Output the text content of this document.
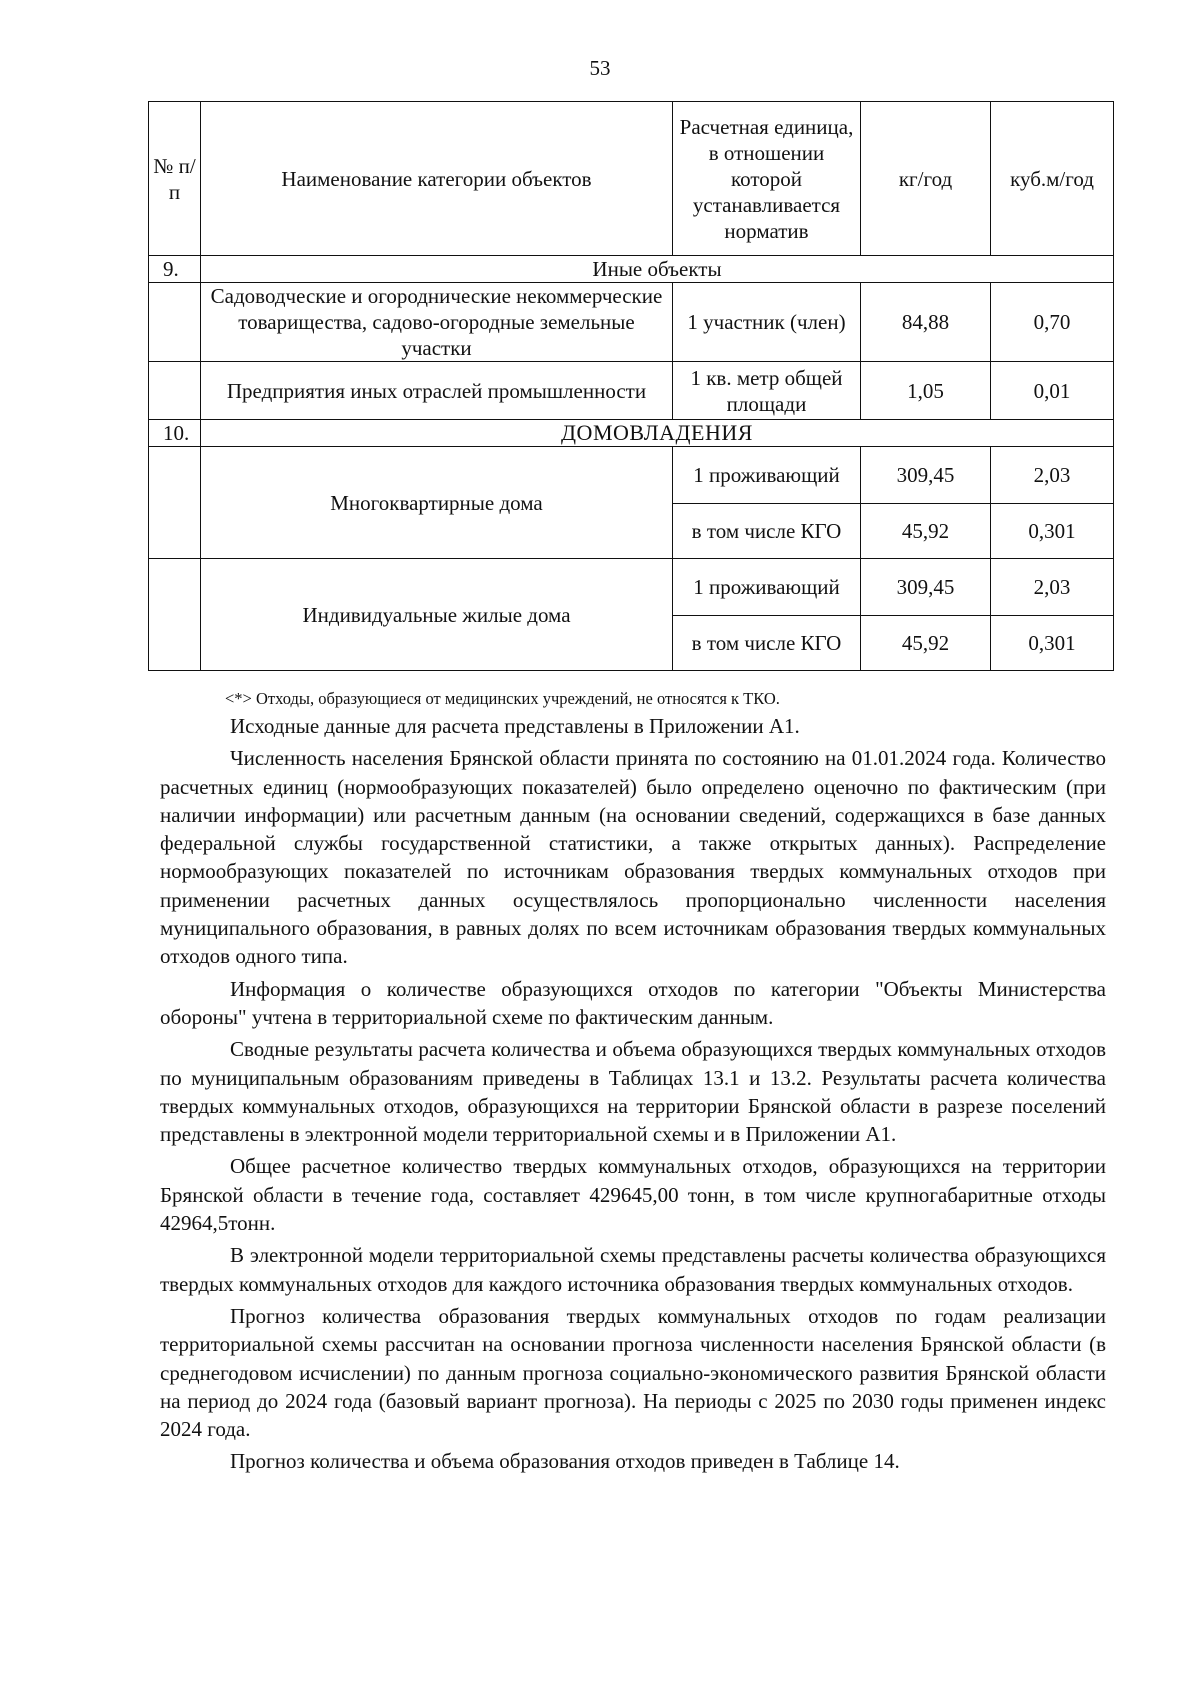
53
№ п/п	Наименование категории объектов	Расчетная единица, в отношении которой устанавливается норматив	кг/год	куб.м/год
9.	Иные объекты			
	Садоводческие и огороднические некоммерческие товарищества, садово-огородные земельные участки	1 участник (член)	84,88	0,70
	Предприятия иных отраслей промышленности	1 кв. метр общей площади	1,05	0,01
10.	ДОМОВЛАДЕНИЯ			
	Многоквартирные дома	1 проживающий	309,45	2,03
		в том числе КГО	45,92	0,301
	Индивидуальные жилые дома	1 проживающий	309,45	2,03
		в том числе КГО	45,92	0,301
<*> Отходы, образующиеся от медицинских учреждений, не относятся к ТКО.

Исходные данные для расчета представлены в Приложении А1.

Численность населения Брянской области принята по состоянию на 01.01.2024 года. Количество расчетных единиц (нормообразующих показателей) было определено оценочно по фактическим (при наличии информации) или расчетным данным (на основании сведений, содержащихся в базе данных федеральной службы государственной статистики, а также открытых данных). Распределение нормообразующих показателей по источникам образования твердых коммунальных отходов при применении расчетных данных осуществлялось пропорционально численности населения муниципального образования, в равных долях по всем источникам образования твердых коммунальных отходов одного типа.

Информация о количестве образующихся отходов по категории "Объекты Министерства обороны" учтена в территориальной схеме по фактическим данным.

Сводные результаты расчета количества и объема образующихся твердых коммунальных отходов по муниципальным образованиям приведены в Таблицах 13.1 и 13.2. Результаты расчета количества твердых коммунальных отходов, образующихся на территории Брянской области в разрезе поселений представлены в электронной модели территориальной схемы и в Приложении А1.

Общее расчетное количество твердых коммунальных отходов, образующихся на территории Брянской области в течение года, составляет 429645,00 тонн, в том числе крупногабаритные отходы 42964,5тонн.

В электронной модели территориальной схемы представлены расчеты количества образующихся твердых коммунальных отходов для каждого источника образования твердых коммунальных отходов.

Прогноз количества образования твердых коммунальных отходов по годам реализации территориальной схемы рассчитан на основании прогноза численности населения Брянской области (в среднегодовом исчислении) по данным прогноза социально-экономического развития Брянской области на период до 2024 года (базовый вариант прогноза). На периоды с 2025 по 2030 годы применен индекс 2024 года.

Прогноз количества и объема образования отходов приведен в Таблице 14.
